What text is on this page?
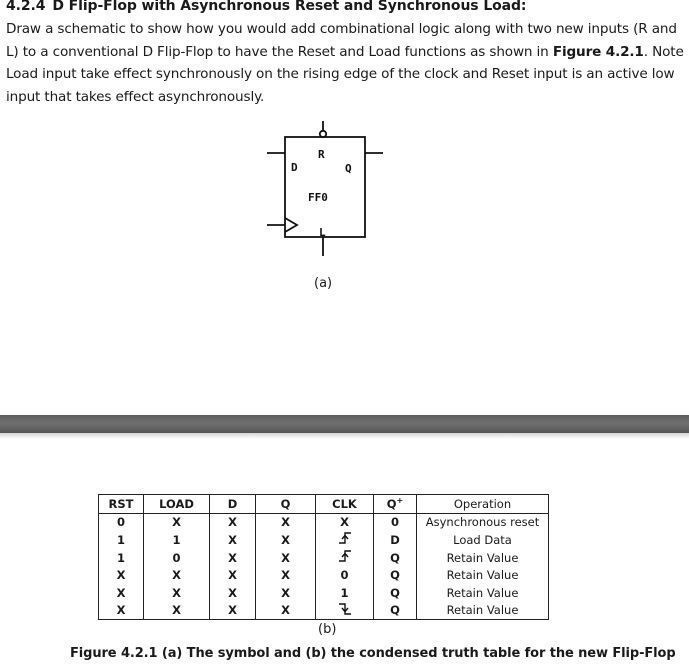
4.2.4 D Flip-Flop with Asynchronous Reset and Synchronous Load:

Draw a schematic to show how you would add combinational logic along with two new inputs (R and L) to a conventional D Flip-Flop to have the Reset and Load functions as shown in Figure 4.2.1. Note Load input take effect synchronously on the rising edge of the clock and Reset input is an active low input that takes effect asynchronously.
D
R
Q
FF0
L
(a)
RST	LOAD	D	Q	CLK	Q+	Operation
0	X	X	X	X	0	Asynchronous reset
1	1	X	X		D	Load Data
1	0	X	X		Q	Retain Value
X	X	X	X	0	Q	Retain Value
X	X	X	X	1	Q	Retain Value
X	X	X	X		Q	Retain Value
(b)
Figure 4.2.1 (a) The symbol and (b) the condensed truth table for the new Flip-Flop
